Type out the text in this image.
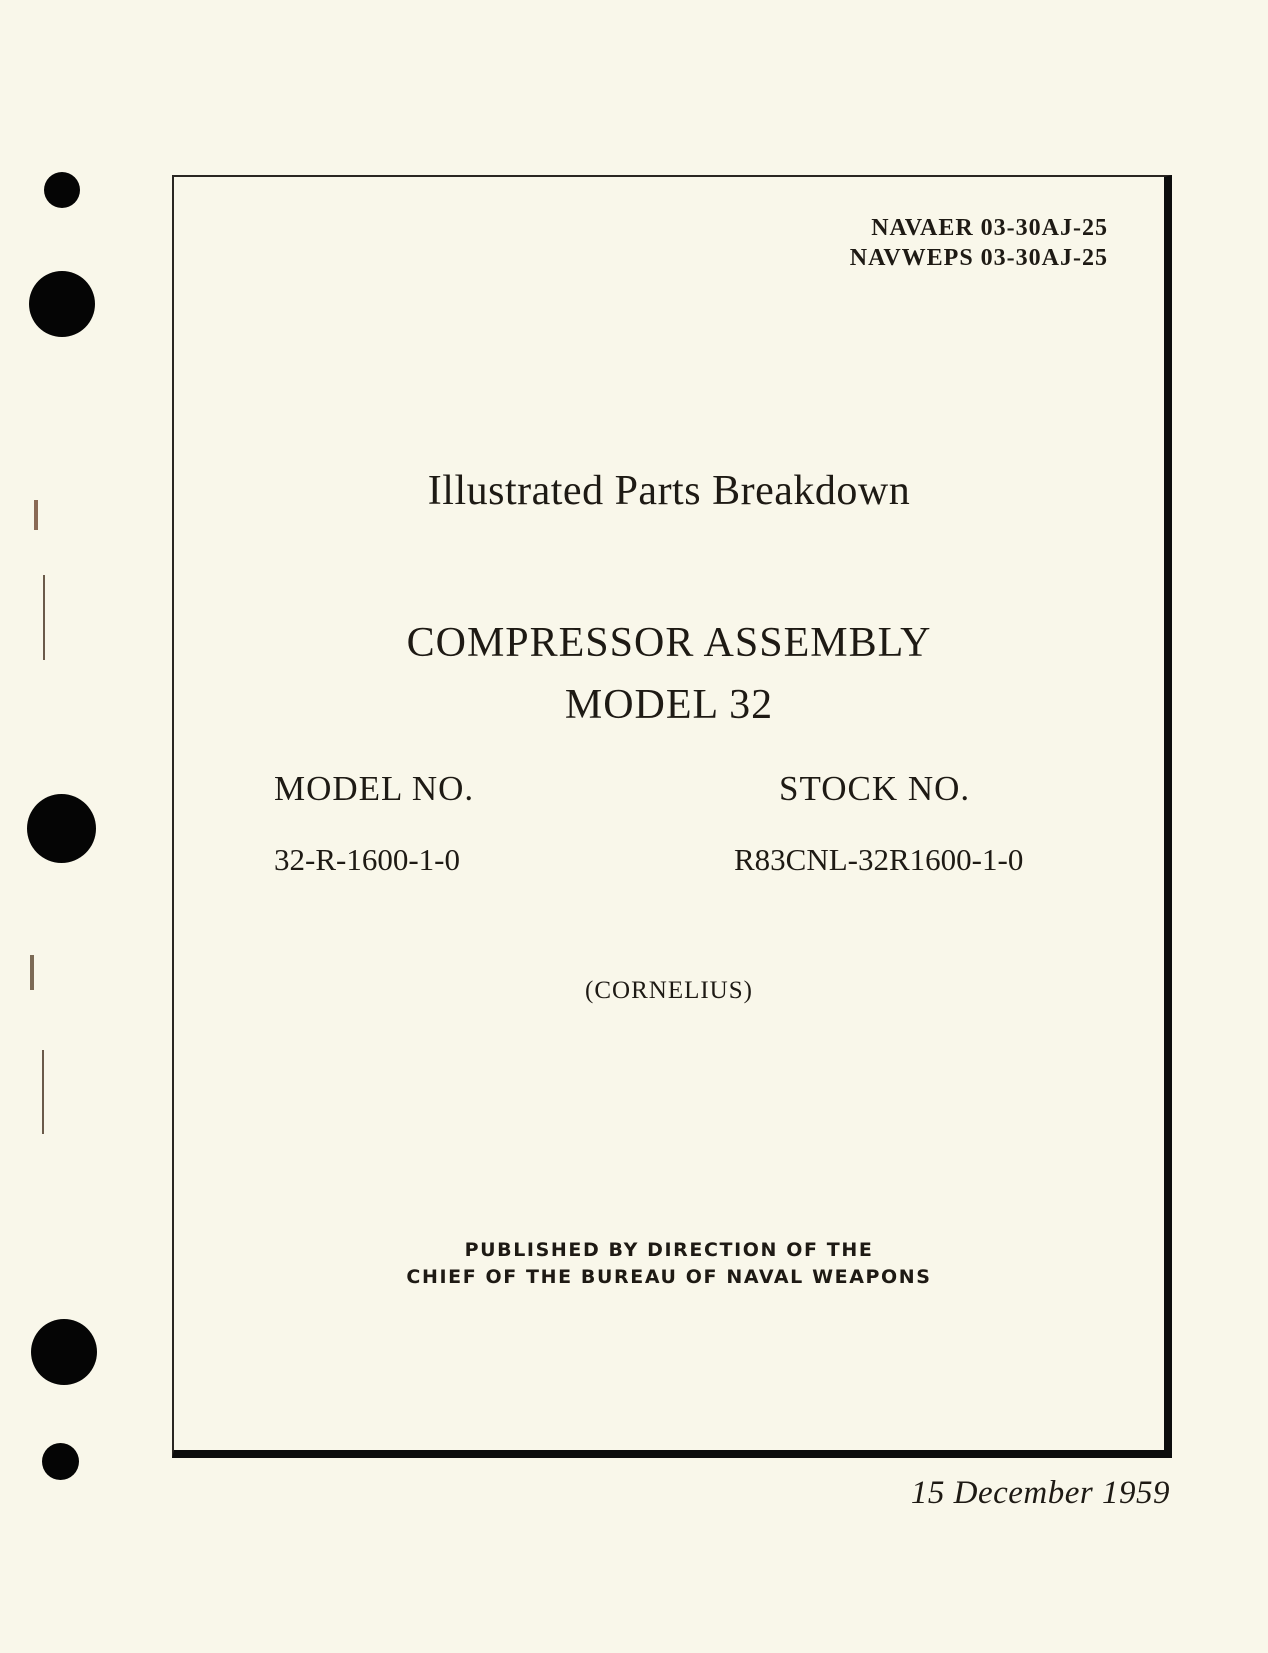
NAVAER 03-30AJ-25
NAVWEPS 03-30AJ-25
Illustrated Parts Breakdown
COMPRESSOR ASSEMBLY
MODEL 32
MODEL NO.
32-R-1600-1-0
STOCK NO.
R83CNL-32R1600-1-0
(CORNELIUS)
PUBLISHED BY DIRECTION OF THE
CHIEF OF THE BUREAU OF NAVAL WEAPONS
15 December 1959
